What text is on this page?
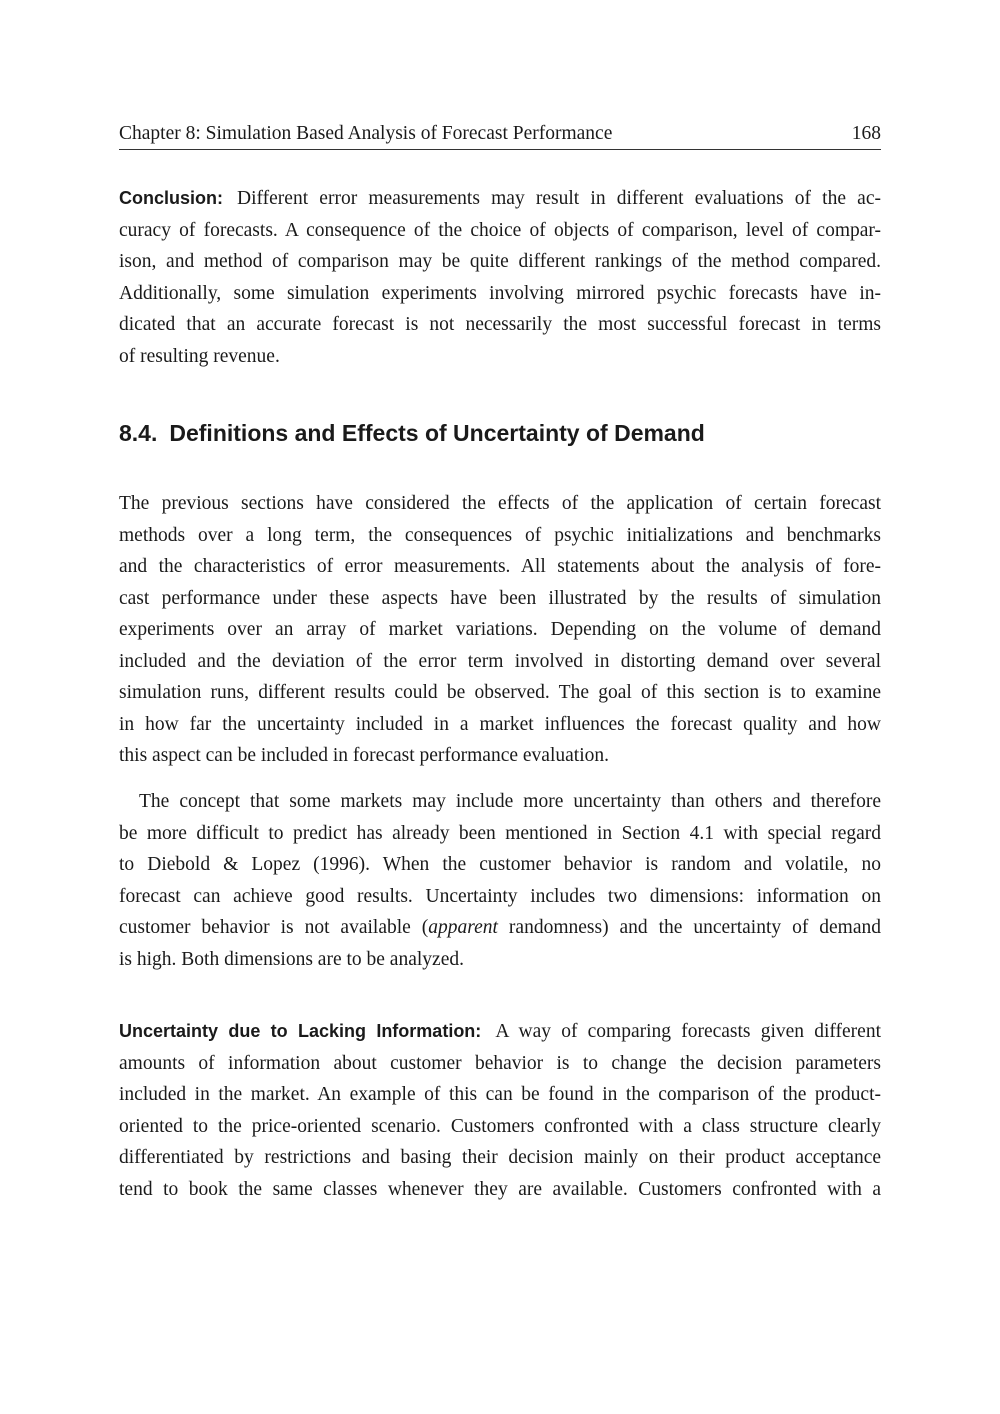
Chapter 8: Simulation Based Analysis of Forecast Performance	168
Conclusion: Different error measurements may result in different evaluations of the ac-
curacy of forecasts. A consequence of the choice of objects of comparison, level of compar-
ison, and method of comparison may be quite different rankings of the method compared.
Additionally, some simulation experiments involving mirrored psychic forecasts have in-
dicated that an accurate forecast is not necessarily the most successful forecast in terms
of resulting revenue.
8.4. Definitions and Effects of Uncertainty of Demand
The previous sections have considered the effects of the application of certain forecast
methods over a long term, the consequences of psychic initializations and benchmarks
and the characteristics of error measurements. All statements about the analysis of fore-
cast performance under these aspects have been illustrated by the results of simulation
experiments over an array of market variations. Depending on the volume of demand
included and the deviation of the error term involved in distorting demand over several
simulation runs, different results could be observed. The goal of this section is to examine
in how far the uncertainty included in a market influences the forecast quality and how
this aspect can be included in forecast performance evaluation.
The concept that some markets may include more uncertainty than others and therefore
be more difficult to predict has already been mentioned in Section 4.1 with special regard
to Diebold & Lopez (1996). When the customer behavior is random and volatile, no
forecast can achieve good results. Uncertainty includes two dimensions: information on
customer behavior is not available (apparent randomness) and the uncertainty of demand
is high. Both dimensions are to be analyzed.
Uncertainty due to Lacking Information: A way of comparing forecasts given different
amounts of information about customer behavior is to change the decision parameters
included in the market. An example of this can be found in the comparison of the product-
oriented to the price-oriented scenario. Customers confronted with a class structure clearly
differentiated by restrictions and basing their decision mainly on their product acceptance
tend to book the same classes whenever they are available. Customers confronted with a
